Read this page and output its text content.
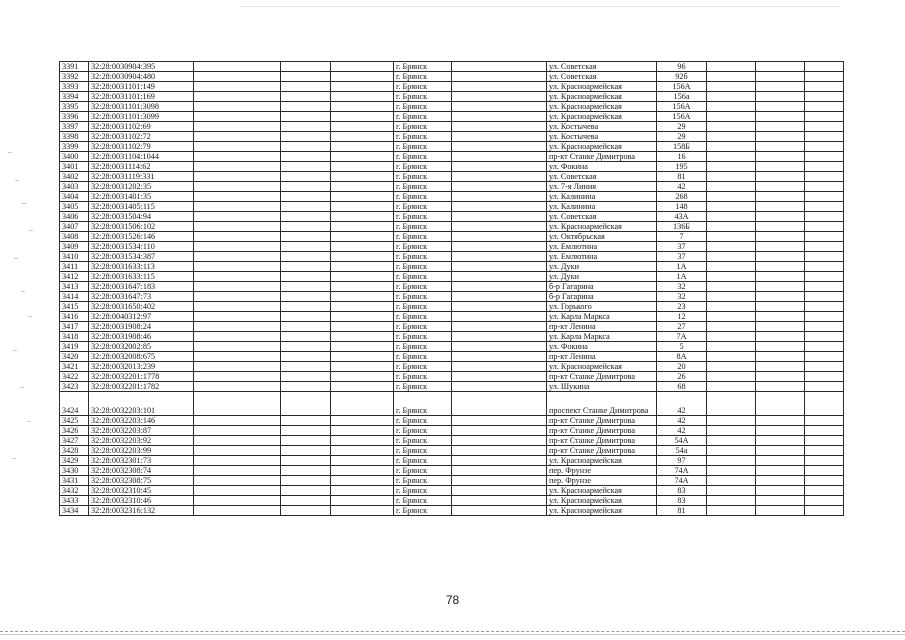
3391	32:28:0030904:395				г. Брянск		ул. Советская	96			
3392	32:28:0030904:480				г. Брянск		ул. Советская	92б			
3393	32:28:0031101:149				г. Брянск		ул. Красноармейская	156А			
3394	32:28:0031101:169				г. Брянск		ул. Красноармейская	156а			
3395	32:28:0031101:3098				г. Брянск		ул. Красноармейская	156А			
3396	32:28:0031101:3099				г. Брянск		ул. Красноармейская	156А			
3397	32:28:0031102:69				г. Брянск		ул. Костычева	29			
3398	32:28:0031102:72				г. Брянск		ул. Костычева	29			
3399	32:28:0031102:79				г. Брянск		ул. Красноармейская	158Б			
3400	32:28:0031104:1044				г. Брянск		пр-кт Станке Димитрова	16			
3401	32:28:0031114:62				г. Брянск		ул. Фокина	195			
3402	32:28:0031119:331				г. Брянск		ул. Советская	81			
3403	32:28:0031202:35				г. Брянск		ул. 7-я Линия	42			
3404	32:28:0031401:35				г. Брянск		ул. Калинина	268			
3405	32:28:0031405:115				г. Брянск		ул. Калинина	148			
3406	32:28:0031504:94				г. Брянск		ул. Советская	43А			
3407	32:28:0031506:102				г. Брянск		ул. Красноармейская	136Б			
3408	32:28:0031526:146				г. Брянск		ул. Октябрьская	7			
3409	32:28:0031534:110				г. Брянск		ул. Емлютина	37			
3410	32:28:0031534:387				г. Брянск		ул. Емлютина	37			
3411	32:28:0031633:113				г. Брянск		ул. Дуки	1А			
3412	32:28:0031633:115				г. Брянск		ул. Дуки	1А			
3413	32:28:0031647:183				г. Брянск		б-р Гагарина	32			
3414	32:28:0031647:73				г. Брянск		б-р Гагарина	32			
3415	32:28:0031650:402				г. Брянск		ул. Горького	23			
3416	32:28:0040312:97				г. Брянск		ул. Карла Маркса	12			
3417	32:28:0031908:24				г. Брянск		пр-кт Ленина	27			
3418	32:28:0031908:46				г. Брянск		ул. Карла Маркса	7А			
3419	32:28:0032002:85				г. Брянск		ул. Фокина	5			
3420	32:28:0032008:675				г. Брянск		пр-кт Ленина	8А			
3421	32:28:0032013:239				г. Брянск		ул. Красноармейская	20			
3422	32:28:0032201:1778				г. Брянск		пр-кт Станке Димитрова	26			
3423	32:28:0032201:1782				г. Брянск		ул. Шукина	68			
3424	32:28:0032203:101				г. Брянск		проспект Станке Димитрова	42			
3425	32:28:0032203:146				г. Брянск		пр-кт Станке Димитрова	42			
3426	32:28:0032203:87				г. Брянск		пр-кт Станке Димитрова	42			
3427	32:28:0032203:92				г. Брянск		пр-кт Станке Димитрова	54А			
3428	32:28:0032203:99				г. Брянск		пр-кт Станке Димитрова	54а			
3429	32:28:0032301:73				г. Брянск		ул. Красноармейская	97			
3430	32:28:0032308:74				г. Брянск		пер. Фрунзе	74А			
3431	32:28:0032308:75				г. Брянск		пер. Фрунзе	74А			
3432	32:28:0032310:45				г. Брянск		ул. Красноармейская	83			
3433	32:28:0032310:46				г. Брянск		ул. Красноармейская	83			
3434	32:28:0032316:132				г. Брянск		ул. Красноармейская	81			
78
